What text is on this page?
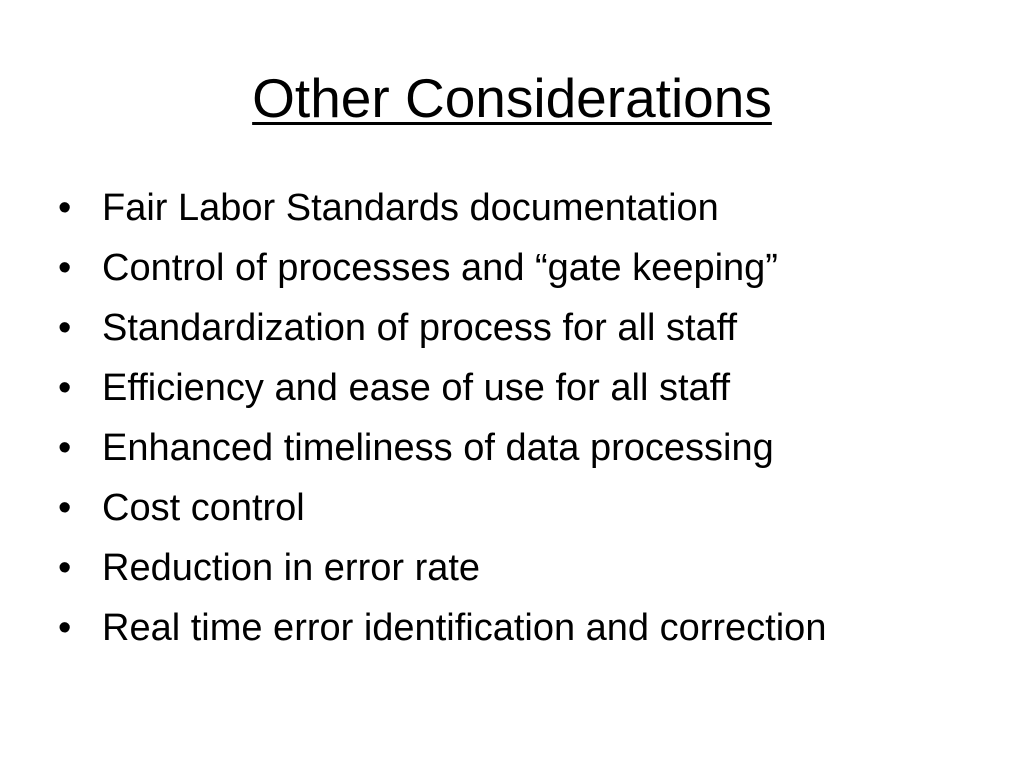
Other Considerations
• Fair Labor Standards documentation
• Control of processes and “gate keeping”
• Standardization of process for all staff
• Efficiency and ease of use for all staff
• Enhanced timeliness of data processing
• Cost control
• Reduction in error rate
• Real time error identification and correction
